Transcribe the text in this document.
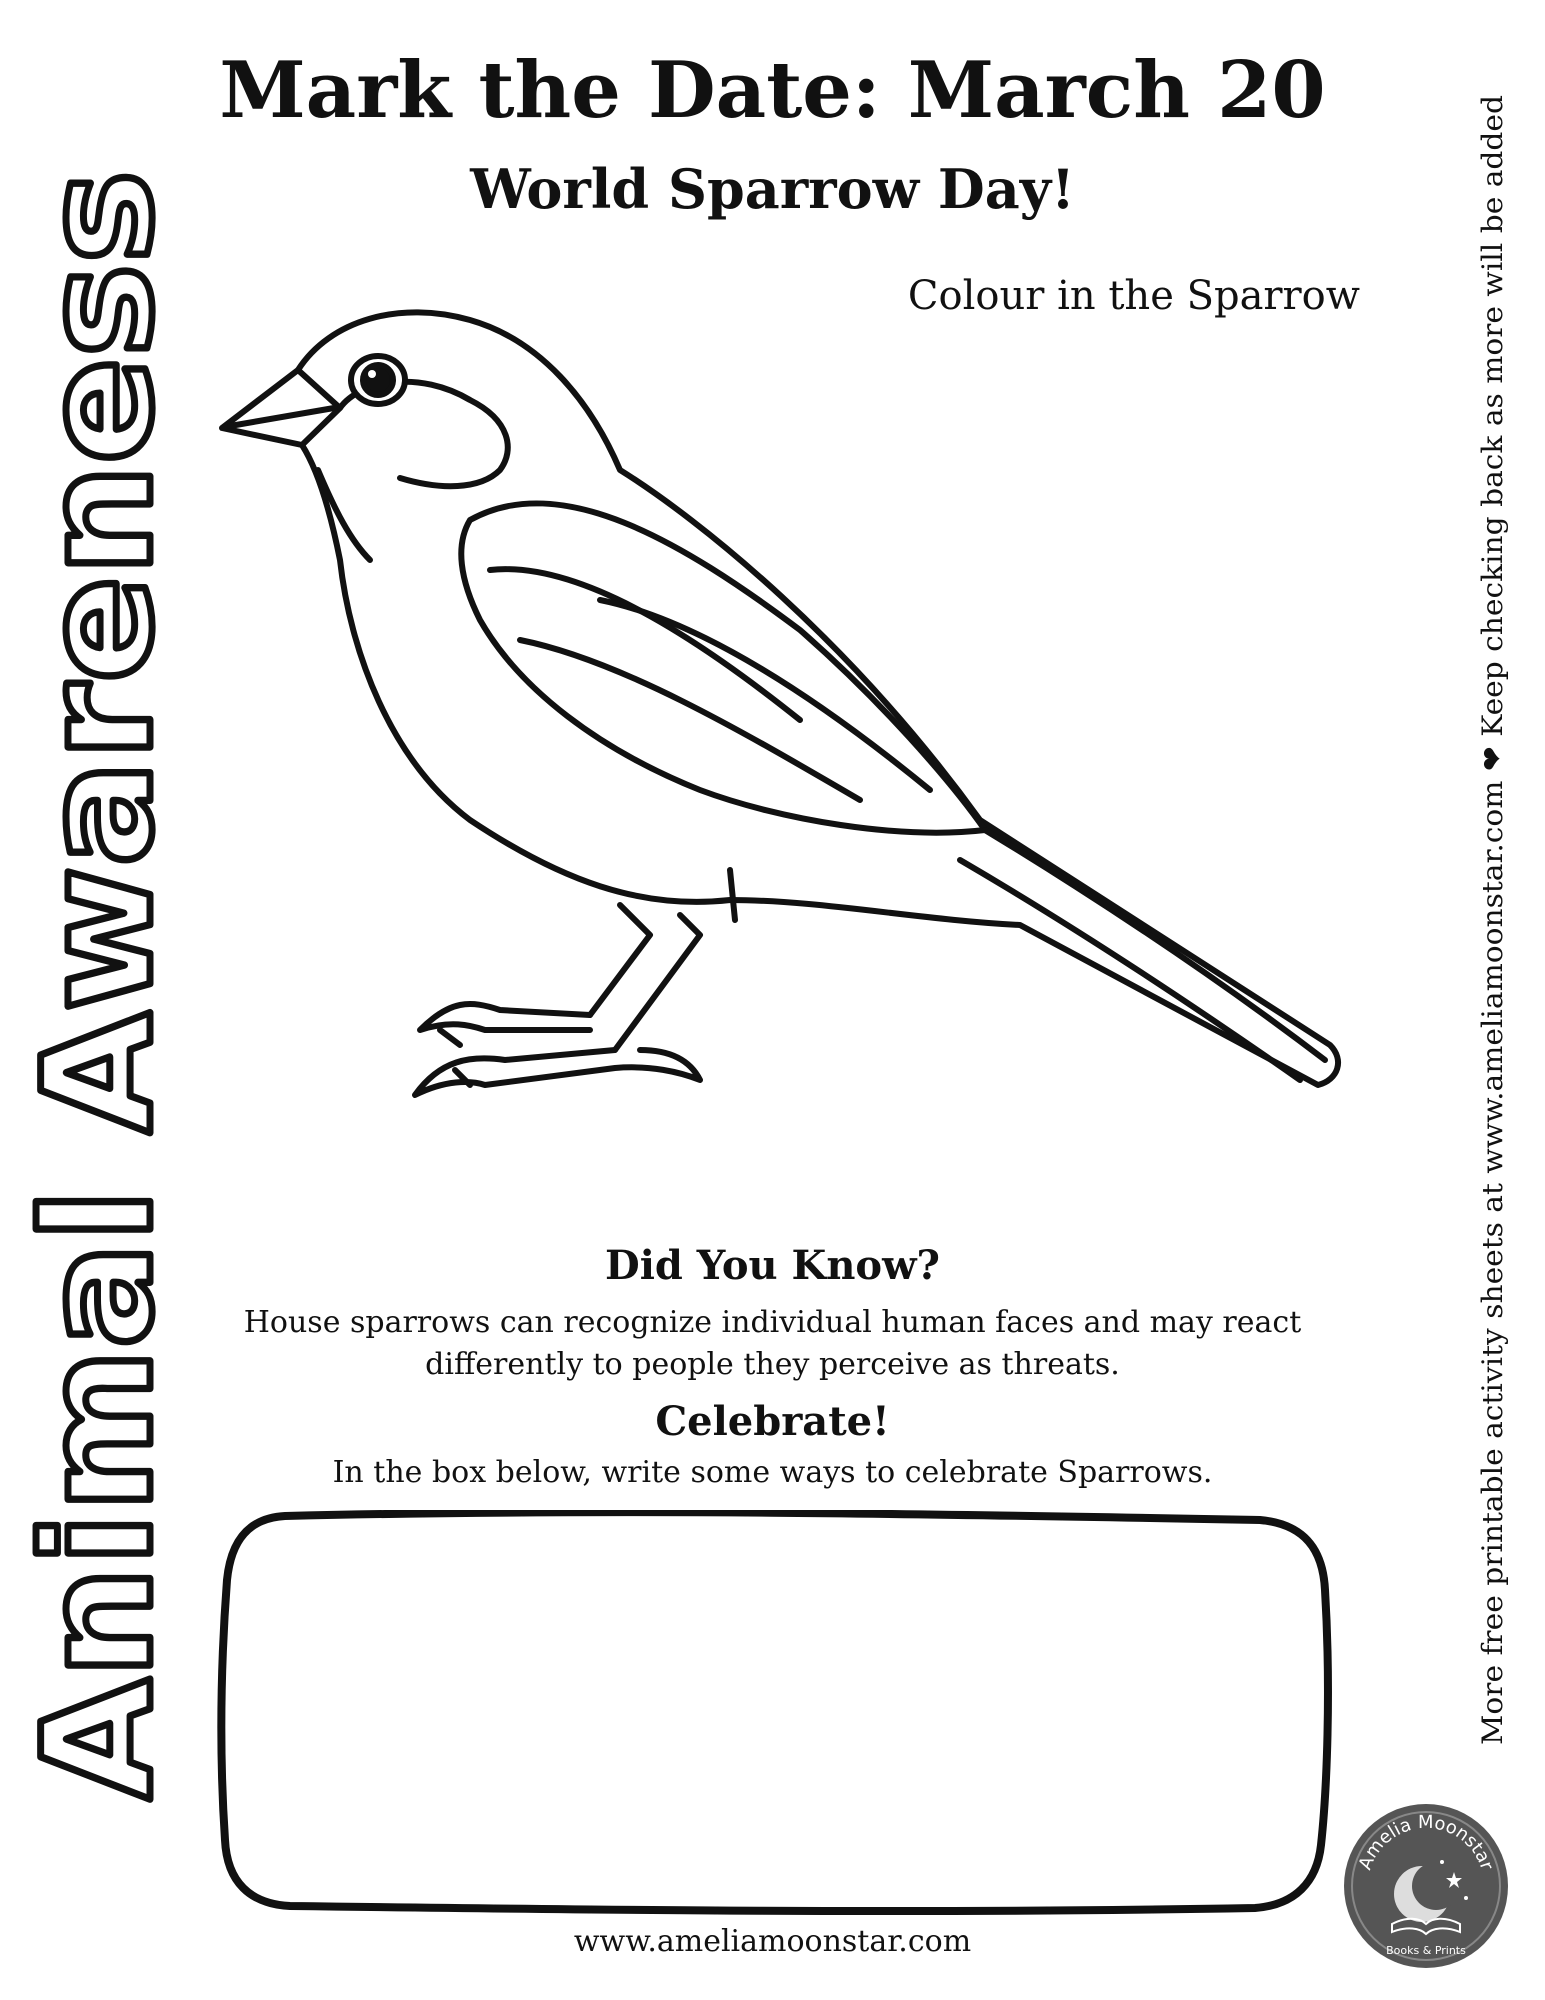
Animal Awareness	More free printable activity sheets at www.ameliamoonstar.com ❤ Keep checking back as more will be added
Mark the Date: March 20
World Sparrow Day!
Colour in the Sparrow
Did You Know?
House sparrows can recognize individual human faces and may react
differently to people they perceive as threats.
Celebrate!
In the box below, write some ways to celebrate Sparrows.
www.ameliamoonstar.com
Amelia Moonstar
Books & Prints
